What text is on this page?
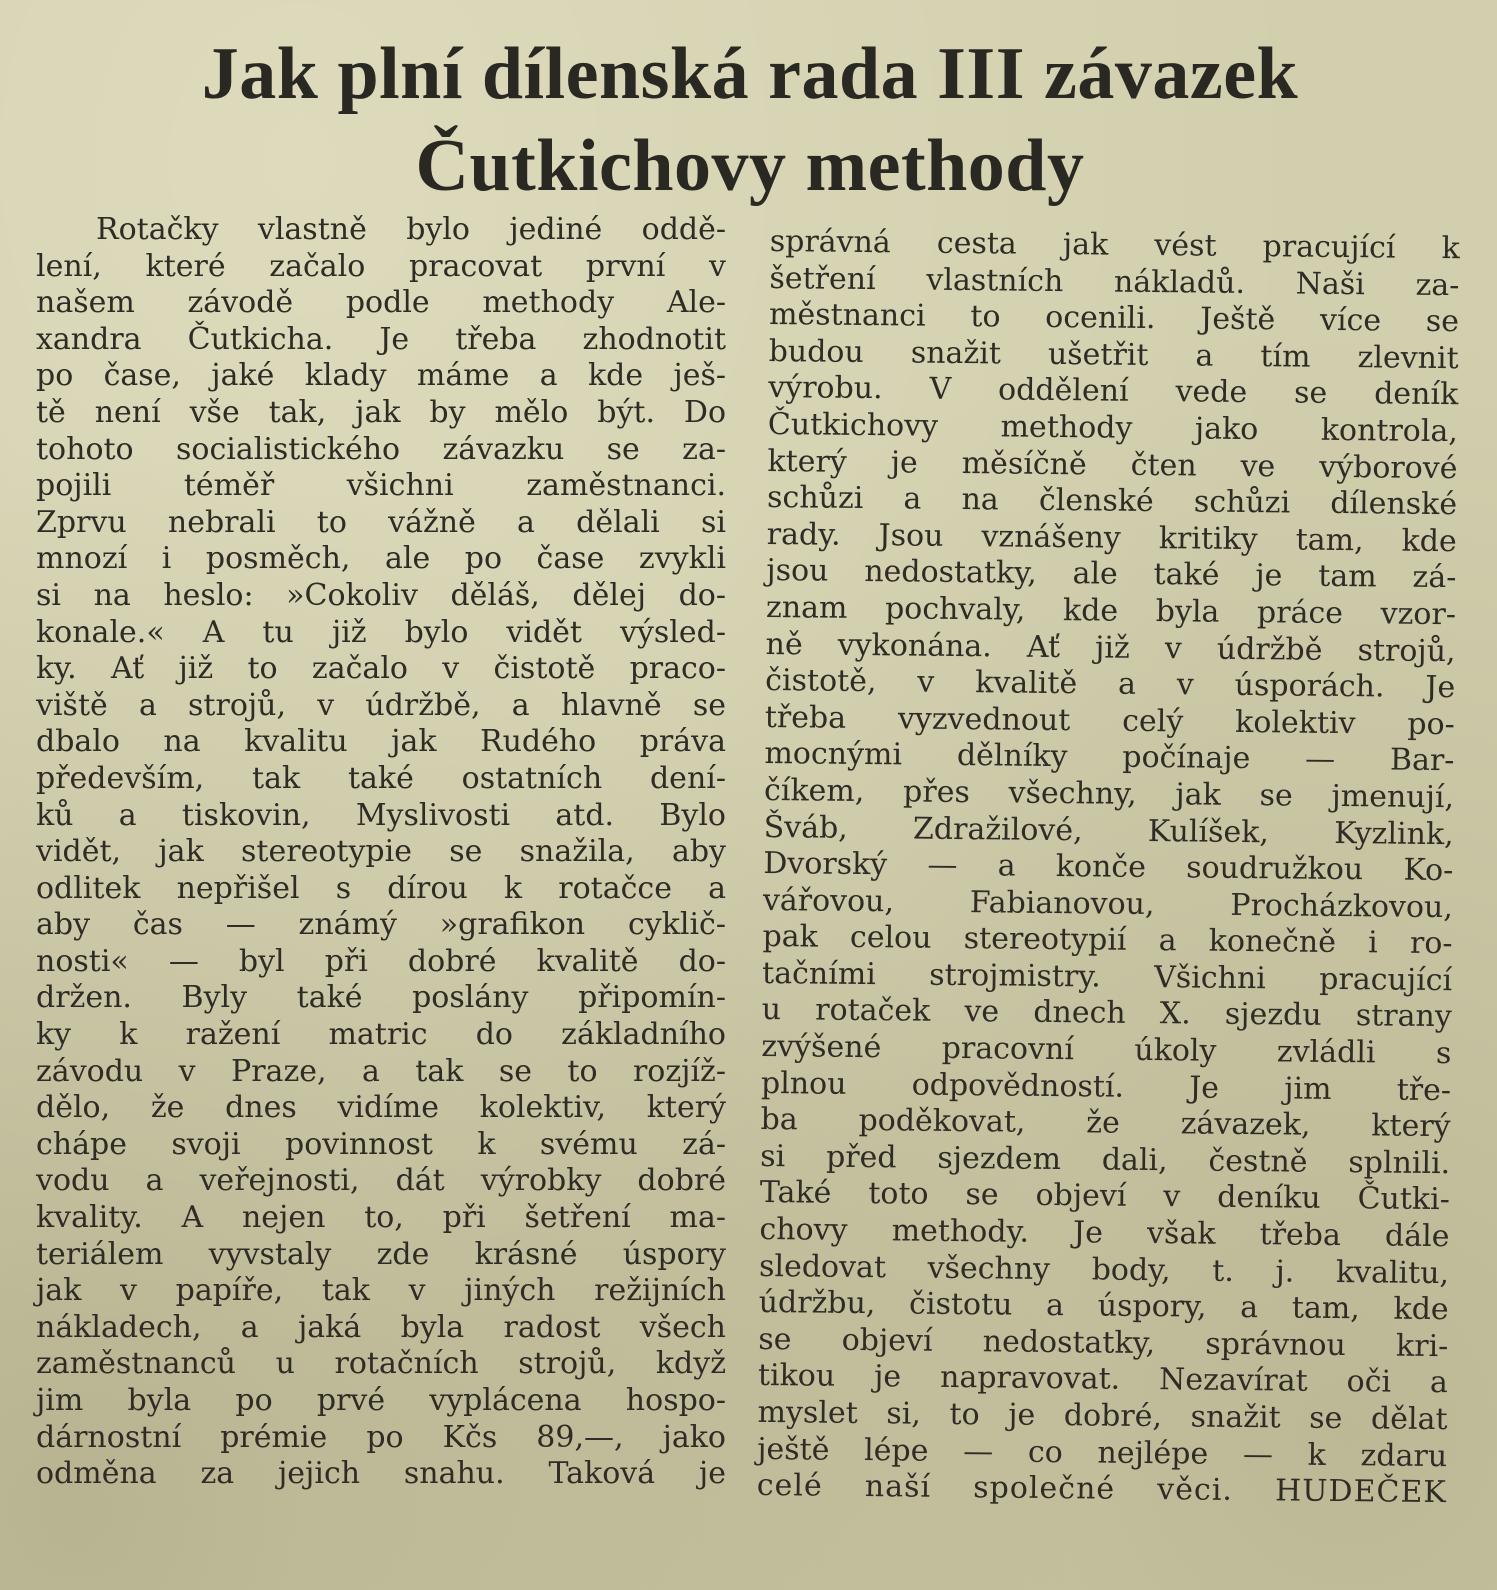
Jak plní dílenská rada III závazek
Čutkichovy methody
Rotačky vlastně bylo jediné oddě-
lení, které začalo pracovat první v
našem závodě podle methody Ale-
xandra Čutkicha. Je třeba zhodnotit
po čase, jaké klady máme a kde ješ-
tě není vše tak, jak by mělo být. Do
tohoto socialistického závazku se za-
pojili téměř všichni zaměstnanci.
Zprvu nebrali to vážně a dělali si
mnozí i posměch, ale po čase zvykli
si na heslo: »Cokoliv děláš, dělej do-
konale.« A tu již bylo vidět výsled-
ky. Ať již to začalo v čistotě praco-
viště a strojů, v údržbě, a hlavně se
dbalo na kvalitu jak Rudého práva
především, tak také ostatních dení-
ků a tiskovin, Myslivosti atd. Bylo
vidět, jak stereotypie se snažila, aby
odlitek nepřišel s dírou k rotačce a
aby čas — známý »grafikon cyklič-
nosti« — byl při dobré kvalitě do-
držen. Byly také poslány připomín-
ky k ražení matric do základního
závodu v Praze, a tak se to rozjíž-
dělo, že dnes vidíme kolektiv, který
chápe svoji povinnost k svému zá-
vodu a veřejnosti, dát výrobky dobré
kvality. A nejen to, při šetření ma-
teriálem vyvstaly zde krásné úspory
jak v papíře, tak v jiných režijních
nákladech, a jaká byla radost všech
zaměstnanců u rotačních strojů, když
jim byla po prvé vyplácena hospo-
dárnostní prémie po Kčs 89,—, jako
odměna za jejich snahu. Taková je
správná cesta jak vést pracující k
šetření vlastních nákladů. Naši za-
městnanci to ocenili. Ještě více se
budou snažit ušetřit a tím zlevnit
výrobu. V oddělení vede se deník
Čutkichovy methody jako kontrola,
který je měsíčně čten ve výborové
schůzi a na členské schůzi dílenské
rady. Jsou vznášeny kritiky tam, kde
jsou nedostatky, ale také je tam zá-
znam pochvaly, kde byla práce vzor-
ně vykonána. Ať již v údržbě strojů,
čistotě, v kvalitě a v úsporách. Je
třeba vyzvednout celý kolektiv po-
mocnými dělníky počínaje — Bar-
číkem, přes všechny, jak se jmenují,
Šváb, Zdražilové, Kulíšek, Kyzlink,
Dvorský — a konče soudružkou Ko-
vářovou, Fabianovou, Procházkovou,
pak celou stereotypií a konečně i ro-
tačními strojmistry. Všichni pracující
u rotaček ve dnech X. sjezdu strany
zvýšené pracovní úkoly zvládli s
plnou odpovědností. Je jim tře-
ba poděkovat, že závazek, který
si před sjezdem dali, čestně splnili.
Také toto se objeví v deníku Čutki-
chovy methody. Je však třeba dále
sledovat všechny body, t. j. kvalitu,
údržbu, čistotu a úspory, a tam, kde
se objeví nedostatky, správnou kri-
tikou je napravovat. Nezavírat oči a
myslet si, to je dobré, snažit se dělat
ještě lépe — co nejlépe — k zdaru
celé naší společné věci. HUDEČEK
